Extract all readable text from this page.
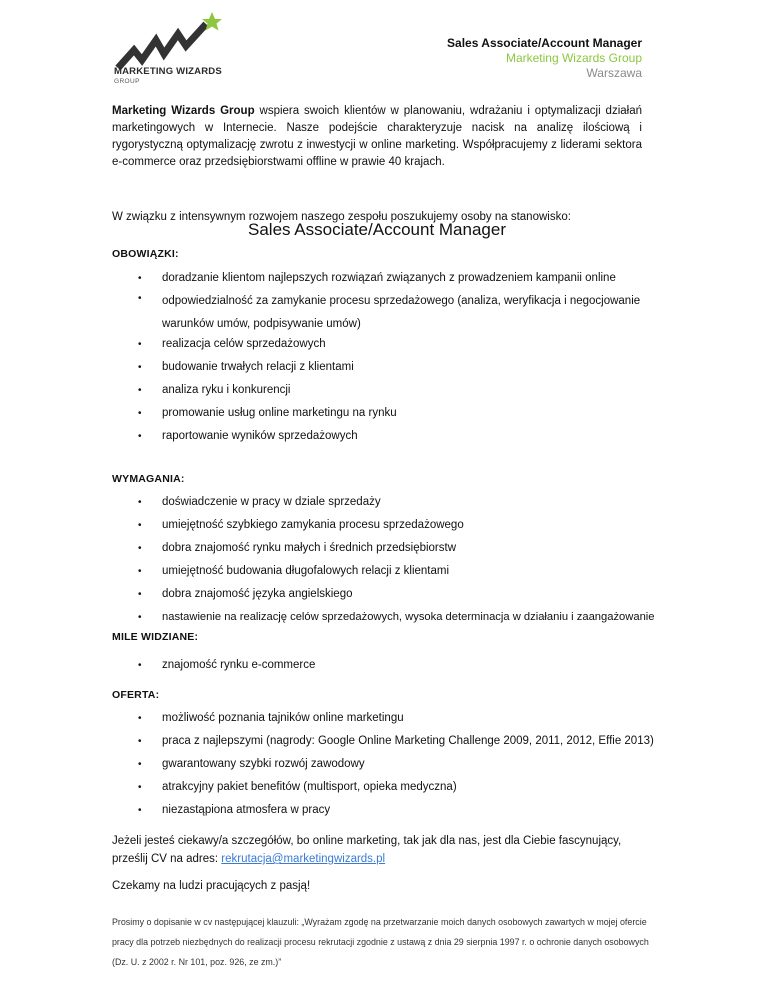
MARKETING WIZARDS
GROUP
Sales Associate/Account Manager
Marketing Wizards Group
Warszawa
Marketing Wizards Group wspiera swoich klientów w planowaniu, wdrażaniu i optymalizacji działań marketingowych w Internecie. Nasze podejście charakteryzuje nacisk na analizę ilościową i rygorystyczną optymalizację zwrotu z inwestycji w online marketing. Współpracujemy z liderami sektora e-commerce oraz przedsiębiorstwami offline w prawie 40 krajach.
W związku z intensywnym rozwojem naszego zespołu poszukujemy osoby na stanowisko:
Sales Associate/Account Manager
OBOWIĄZKI:
• doradzanie klientom najlepszych rozwiązań związanych z prowadzeniem kampanii online
• odpowiedzialność za zamykanie procesu sprzedażowego (analiza, weryfikacja i negocjowanie warunków umów, podpisywanie umów)
• realizacja celów sprzedażowych
• budowanie trwałych relacji z klientami
• analiza ryku i konkurencji
• promowanie usług online marketingu na rynku
• raportowanie wyników sprzedażowych
WYMAGANIA:
• doświadczenie w pracy w dziale sprzedaży
• umiejętność szybkiego zamykania procesu sprzedażowego
• dobra znajomość rynku małych i średnich przedsiębiorstw
• umiejętność budowania długofalowych relacji z klientami
• dobra znajomość języka angielskiego
• nastawienie na realizację celów sprzedażowych, wysoka determinacja w działaniu i zaangażowanie
MILE WIDZIANE:
• znajomość rynku e-commerce
OFERTA:
• możliwość poznania tajników online marketingu
• praca z najlepszymi (nagrody: Google Online Marketing Challenge 2009, 2011, 2012, Effie 2013)
• gwarantowany szybki rozwój zawodowy
• atrakcyjny pakiet benefitów (multisport, opieka medyczna)
• niezastąpiona atmosfera w pracy
Jeżeli jesteś ciekawy/a szczegółów, bo online marketing, tak jak dla nas, jest dla Ciebie fascynujący, prześlij CV na adres: rekrutacja@marketingwizards.pl
Czekamy na ludzi pracujących z pasją!
Prosimy o dopisanie w cv następującej klauzuli: „Wyrażam zgodę na przetwarzanie moich danych osobowych zawartych w mojej ofercie pracy dla potrzeb niezbędnych do realizacji procesu rekrutacji zgodnie z ustawą z dnia 29 sierpnia 1997 r. o ochronie danych osobowych (Dz. U. z 2002 r. Nr 101, poz. 926, ze zm.)”
